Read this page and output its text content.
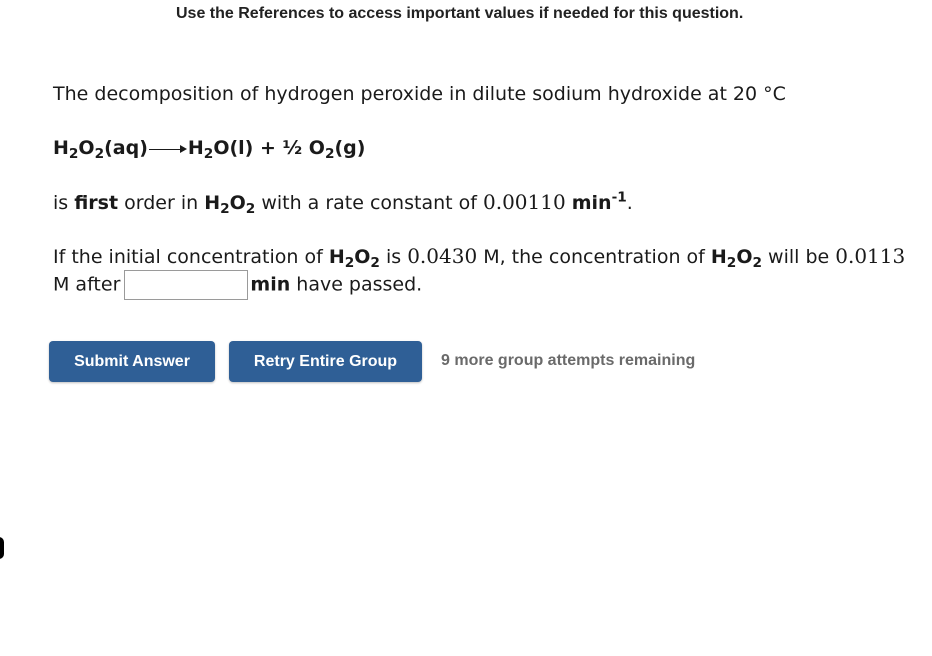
Use the References to access important values if needed for this question.
The decomposition of hydrogen peroxide in dilute sodium hydroxide at 20 °C
$H_2O_2(aq) H_2O(l)$ + ½ $O_2(g)$
is first order in $H_2O_2$ with a rate constant of 0.00110 $\min^{-1}$.
If the initial concentration of $H_2O_2$ is 0.0430 M, the concentration of $H_2O_2$ will be 0.0113
M after	min have passed.
Submit Answer	Retry Entire Group	9 more group attempts remaining
